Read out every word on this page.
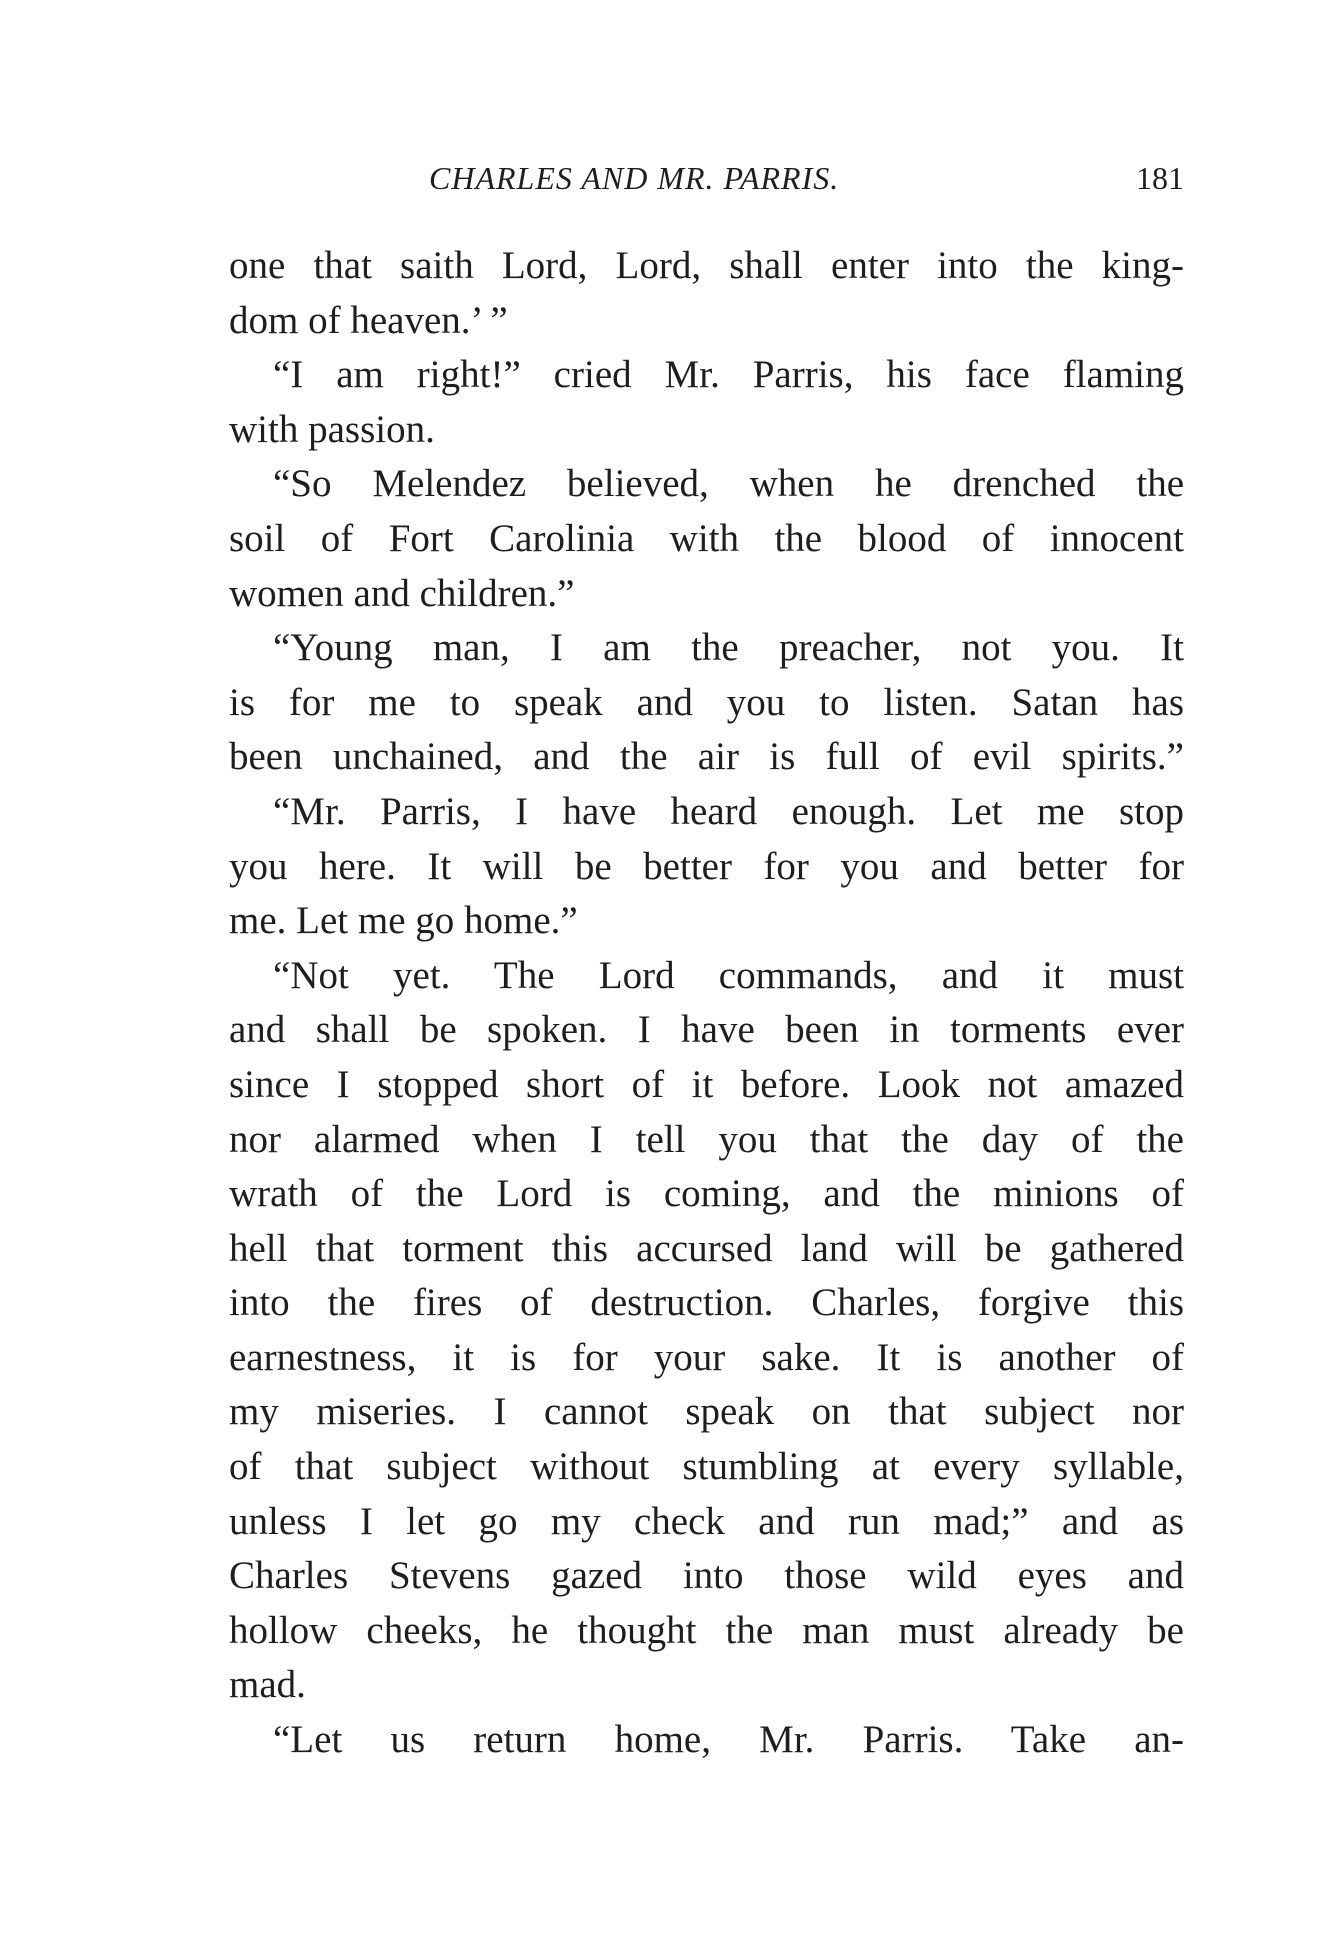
CHARLES AND MR. PARRIS.	181
one that saith Lord, Lord, shall enter into the king-
dom of heaven.’ ”
“I am right!” cried Mr. Parris, his face flaming
with passion.
“So Melendez believed, when he drenched the
soil of Fort Carolinia with the blood of innocent
women and children.”
“Young man, I am the preacher, not you. It
is for me to speak and you to listen. Satan has
been unchained, and the air is full of evil spirits.”
“Mr. Parris, I have heard enough. Let me stop
you here. It will be better for you and better for
me. Let me go home.”
“Not yet. The Lord commands, and it must
and shall be spoken. I have been in torments ever
since I stopped short of it before. Look not amazed
nor alarmed when I tell you that the day of the
wrath of the Lord is coming, and the minions of
hell that torment this accursed land will be gathered
into the fires of destruction. Charles, forgive this
earnestness, it is for your sake. It is another of
my miseries. I cannot speak on that subject nor
of that subject without stumbling at every syllable,
unless I let go my check and run mad;” and as
Charles Stevens gazed into those wild eyes and
hollow cheeks, he thought the man must already be
mad.
“Let us return home, Mr. Parris. Take an-
